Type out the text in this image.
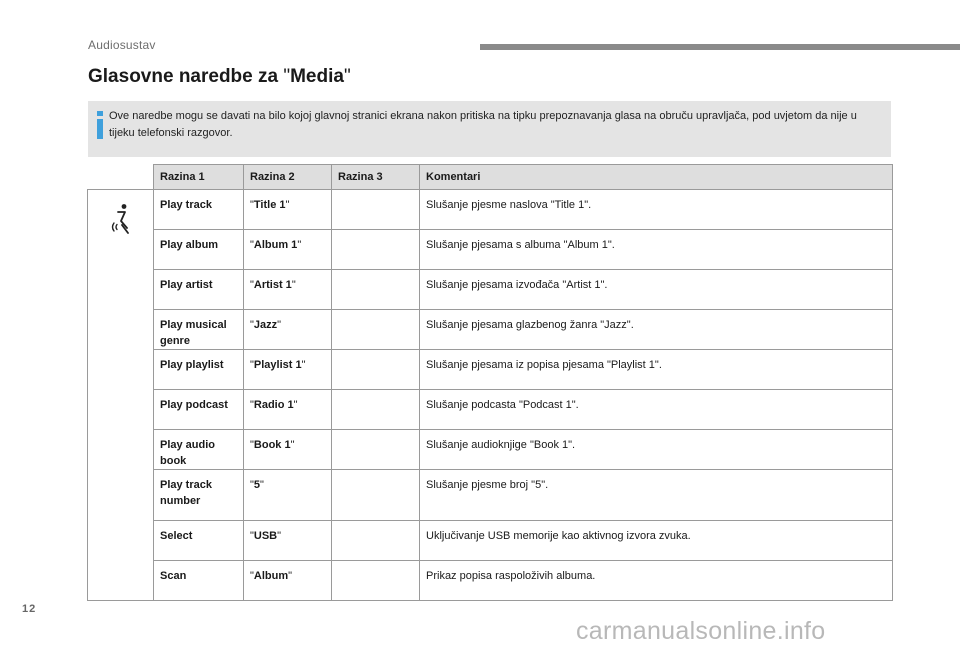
Audiosustav
Glasovne naredbe za "Media"
Ove naredbe mogu se davati na bilo kojoj glavnoj stranici ekrana nakon pritiska na tipku prepoznavanja glasa na obruču upravljača, pod uvjetom da nije u tijeku telefonski razgovor.
	Razina 1	Razina 2	Razina 3	Komentari

	Play track	"Title 1"		Slušanje pjesme naslova "Title 1".
	Play album	"Album 1"		Slušanje pjesama s albuma "Album 1".
	Play artist	"Artist 1"		Slušanje pjesama izvođača "Artist 1".
	Play musical genre	"Jazz"		Slušanje pjesama glazbenog žanra "Jazz".
	Play playlist	"Playlist 1"		Slušanje pjesama iz popisa pjesama "Playlist 1".
	Play podcast	"Radio 1"		Slušanje podcasta "Podcast 1".
	Play audio book	"Book 1"		Slušanje audioknjige "Book 1".
	Play track number	"5"		Slušanje pjesme broj "5".
	Select	"USB"		Uključivanje USB memorije kao aktivnog izvora zvuka.
	Scan	"Album"		Prikaz popisa raspoloživih albuma.
12
carmanualsonline.info
